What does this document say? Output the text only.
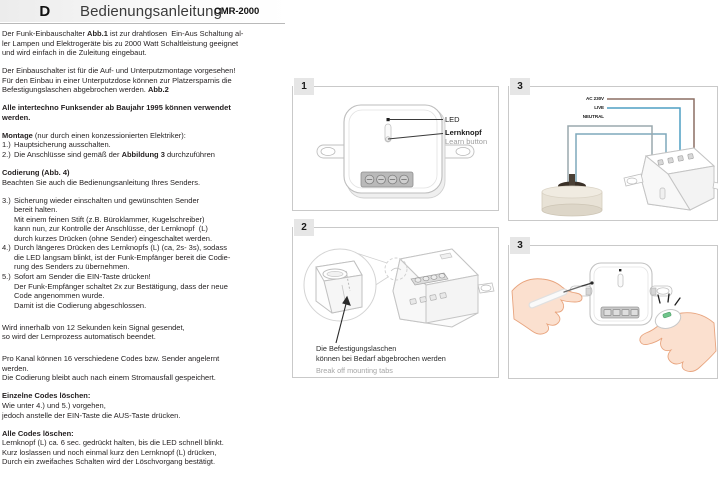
D	Bedienungsanleitung
CMR-2000
Der Funk-Einbauschalter Abb.1 ist zur drahtlosen  Ein-Aus Schaltung al-
ler Lampen und Elektrogeräte bis zu 2000 Watt Schaltleistung geeignet
und wird einfach in die Zuleitung eingebaut.
Der Einbauschalter ist für die Auf- und Unterputzmontage vorgesehen!
Für den Einbau in einer Unterputzdose können zur Platzersparnis die
Befestigungslaschen abgebrochen werden. Abb.2
Alle intertechno Funksender ab Baujahr 1995 können verwendet
werden.
Montage (nur durch einen konzessionierten Elektriker):
1.) Hauptsicherung ausschalten.
2.) Die Anschlüsse sind gemäß der Abbildung 3 durchzuführen
Codierung (Abb. 4)
Beachten Sie auch die Bedienungsanleitung Ihres Senders.
3.) Sicherung wieder einschalten und gewünschten Sender
bereit halten.
Mit einem feinen Stift (z.B. Büroklammer, Kugelschreiber)
kann nun, zur Kontrolle der Anschlüsse, der Lernknopf  (L)
durch kurzes Drücken (ohne Sender) eingeschaltet werden.
4.) Durch längeres Drücken des Lernknopfs (L) (ca, 2s- 3s), sodass
die LED langsam blinkt, ist der Funk-Empfänger bereit die Codie-
rung des Senders zu übernehmen.
5.) Sofort am Sender die EIN-Taste drücken!
Der Funk-Empfänger schaltet 2x zur Bestätigung, dass der neue
Code angenommen wurde.
Damit ist die Codierung abgeschlossen.
Wird innerhalb von 12 Sekunden kein Signal gesendet,
so wird der Lernprozess automatisch beendet.
Pro Kanal können 16 verschiedene Codes bzw. Sender angelernt
werden.
Die Codierung bleibt auch nach einem Stromausfall gespeichert.
Einzelne Codes löschen:
Wie unter 4.) und 5.) vorgehen,
jedoch anstelle der EIN-Taste die AUS-Taste drücken.
Alle Codes löschen:
Lernknopf (L) ca. 6 sec. gedrückt halten, bis die LED schnell blinkt.
Kurz loslassen und noch einmal kurz den Lernknopf (L) drücken,
Durch ein zweifaches Schalten wird der Löschvorgang bestätigt.
1
LED
Lernknopf
Learn button
2
Die Befestigungslaschen
können bei Bedarf abgebrochen werden
Break off mounting tabs
3
AC 230V
LIVE
NEUTRAL
3
